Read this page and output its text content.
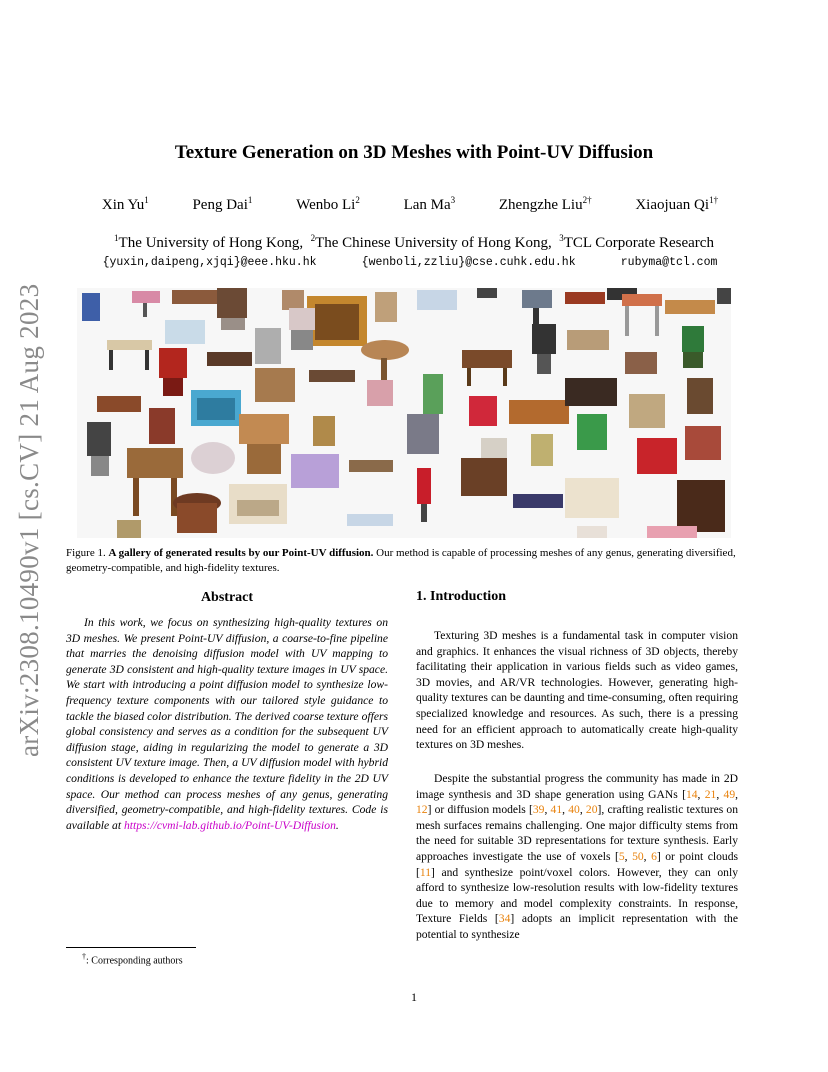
arXiv:2308.10490v1 [cs.CV] 21 Aug 2023
Texture Generation on 3D Meshes with Point-UV Diffusion
Xin Yu$^1$	Peng Dai$^1$	Wenbo Li$^2$	Lan Ma$^3$	Zhengzhe Liu$^{2\dagger}$	Xiaojuan $Qi^{1\dagger}$
$^1$The University of Hong Kong, $^2$The Chinese University of Hong Kong, $^3$TCL Corporate Research
{yuxin,daipeng,xjqi}@eee.hku.hk	{wenboli,zzliu}@cse.cuhk.edu.hk	rubyma@tcl.com
Figure 1. A gallery of generated results by our Point-UV diffusion. Our method is capable of processing meshes of any genus, generating diversified, geometry-compatible, and high-fidelity textures.
Abstract
In this work, we focus on synthesizing high-quality textures on 3D meshes. We present Point-UV diffusion, a coarse-to-fine pipeline that marries the denoising diffusion model with UV mapping to generate 3D consistent and high-quality texture images in UV space. We start with introducing a point diffusion model to synthesize low-frequency texture components with our tailored style guidance to tackle the biased color distribution. The derived coarse texture offers global consistency and serves as a condition for the subsequent UV diffusion stage, aiding in regularizing the model to generate a 3D consistent UV texture image. Then, a UV diffusion model with hybrid conditions is developed to enhance the texture fidelity in the 2D UV space. Our method can process meshes of any genus, generating diversified, geometry-compatible, and high-fidelity textures. Code is available at https://cvmi-lab.github.io/Point-UV-Diffusion.
1. Introduction

Texturing 3D meshes is a fundamental task in computer vision and graphics. It enhances the visual richness of 3D objects, thereby facilitating their application in various fields such as video games, 3D movies, and AR/VR technologies. However, generating high-quality textures can be daunting and time-consuming, often requiring specialized knowledge and resources. As such, there is a pressing need for an efficient approach to automatically create high-quality textures on 3D meshes.

Despite the substantial progress the community has made in 2D image synthesis and 3D shape generation using GANs [14, 21, 49, 12] or diffusion models [39, 41, 40, 20], crafting realistic textures on mesh surfaces remains challenging. One major difficulty stems from the need for suitable 3D representations for texture synthesis. Early approaches investigate the use of voxels [5, 50, 6] or point clouds [11] and synthesize point/voxel colors. However, they can only afford to synthesize low-resolution results with low-fidelity textures due to memory and model complexity constraints. In response, Texture Fields [34] adopts an implicit representation with the potential to synthesize

†: Corresponding authors
1
